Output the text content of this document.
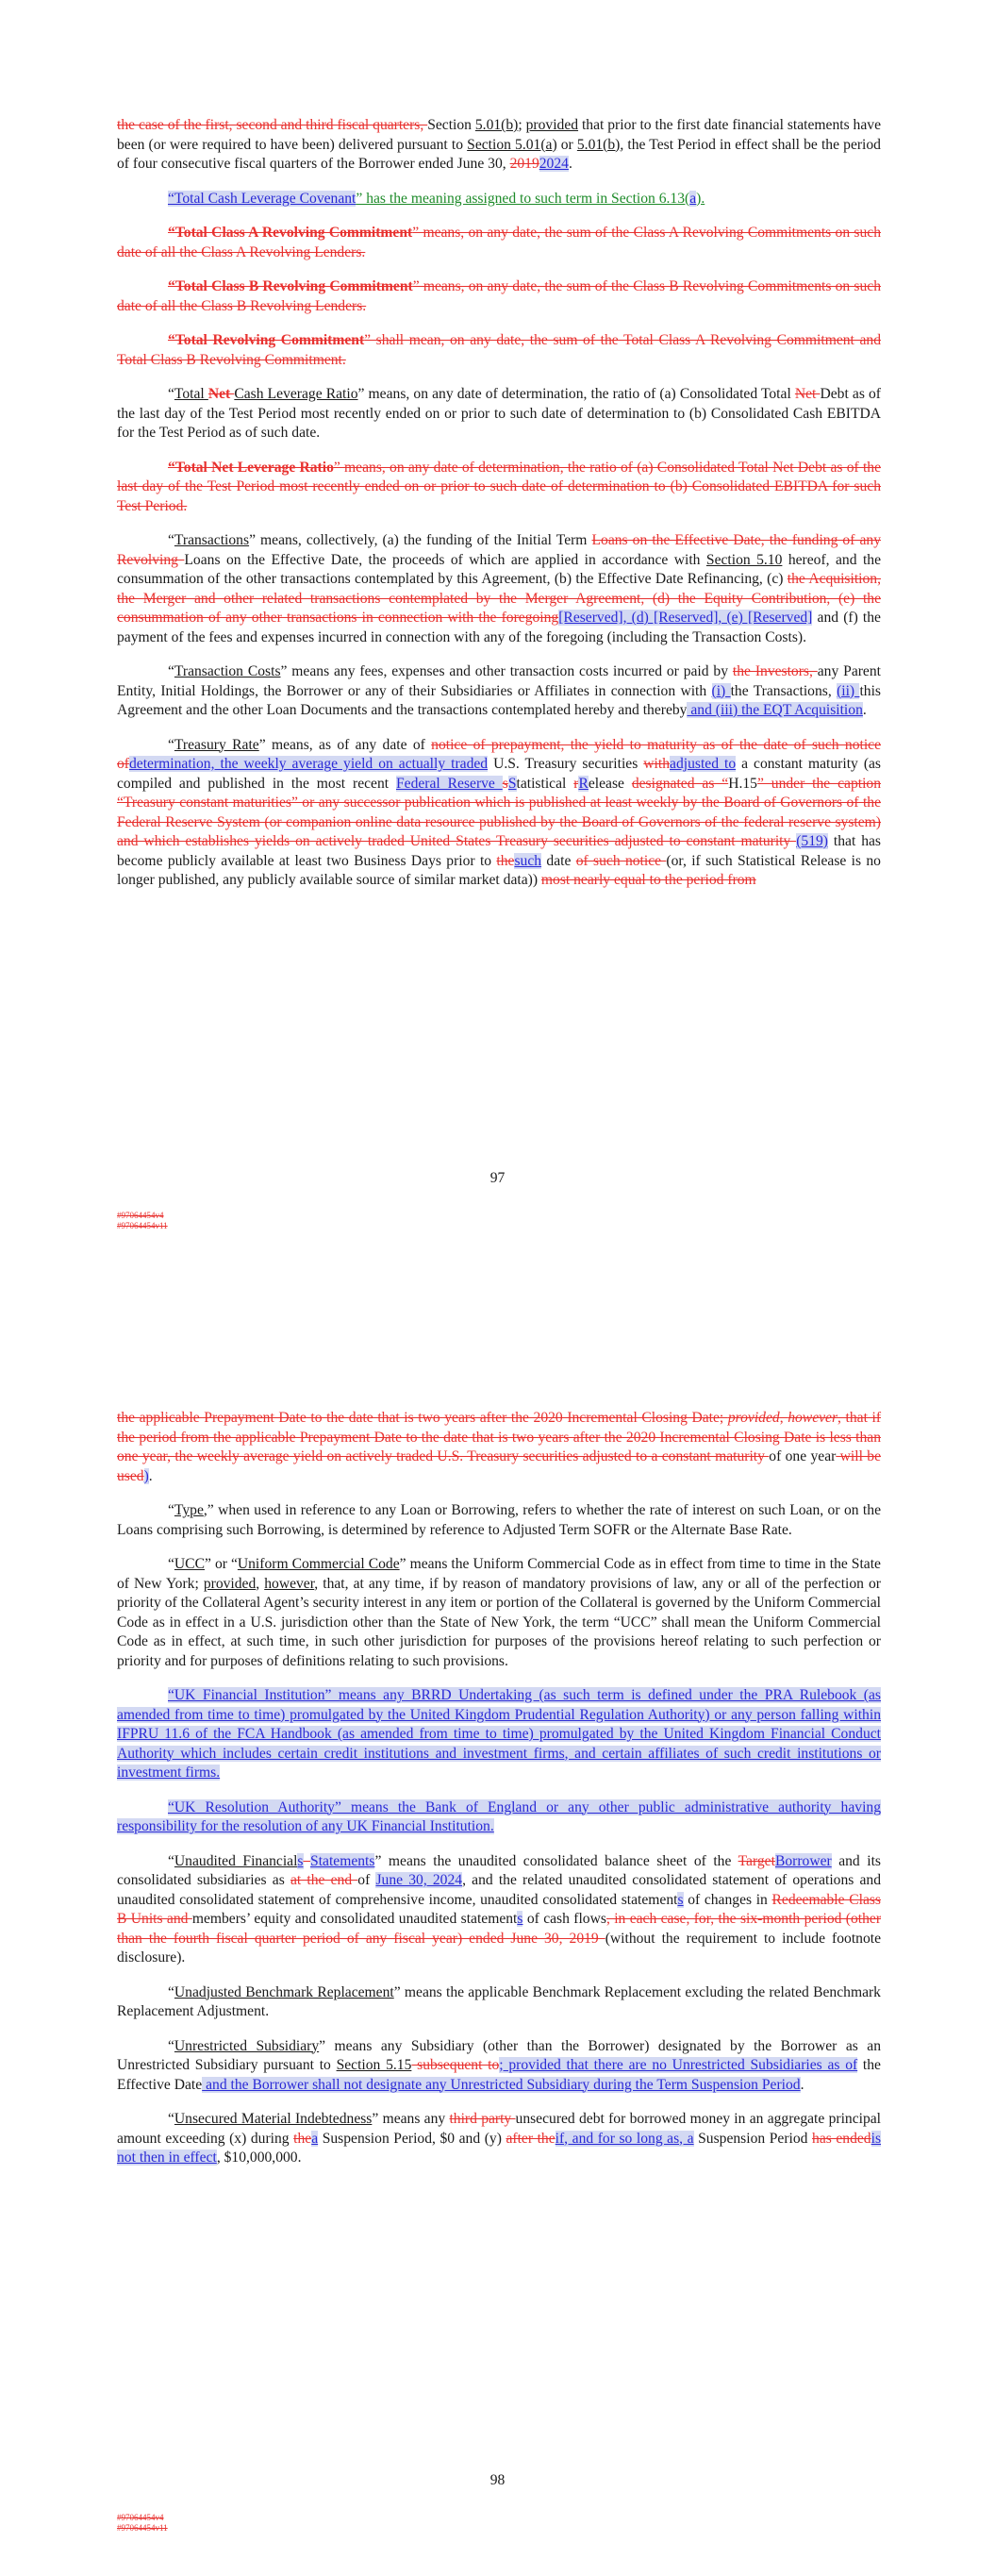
the case of the first, second and third fiscal quarters, Section 5.01(b); provided that prior to the first date financial statements have been (or were required to have been) delivered pursuant to Section 5.01(a) or 5.01(b), the Test Period in effect shall be the period of four consecutive fiscal quarters of the Borrower ended June 30, 20192024.

“Total Cash Leverage Covenant” has the meaning assigned to such term in Section 6.13(a).

“Total Class A Revolving Commitment” means, on any date, the sum of the Class A Revolving Commitments on such date of all the Class A Revolving Lenders.

“Total Class B Revolving Commitment” means, on any date, the sum of the Class B Revolving Commitments on such date of all the Class B Revolving Lenders.

“Total Revolving Commitment” shall mean, on any date, the sum of the Total Class A Revolving Commitment and Total Class B Revolving Commitment.

“Total Net Cash Leverage Ratio” means, on any date of determination, the ratio of (a) Consolidated Total Net Debt as of the last day of the Test Period most recently ended on or prior to such date of determination to (b) Consolidated Cash EBITDA for the Test Period as of such date.

“Total Net Leverage Ratio” means, on any date of determination, the ratio of (a) Consolidated Total Net Debt as of the last day of the Test Period most recently ended on or prior to such date of determination to (b) Consolidated EBITDA for such Test Period.

“Transactions” means, collectively, (a) the funding of the Initial Term Loans on the Effective Date, the funding of any Revolving Loans on the Effective Date, the proceeds of which are applied in accordance with Section 5.10 hereof, and the consummation of the other transactions contemplated by this Agreement, (b) the Effective Date Refinancing, (c) the Acquisition, the Merger and other related transactions contemplated by the Merger Agreement, (d) the Equity Contribution, (e) the consummation of any other transactions in connection with the foregoing[Reserved], (d) [Reserved], (e) [Reserved] and (f) the payment of the fees and expenses incurred in connection with any of the foregoing (including the Transaction Costs).

“Transaction Costs” means any fees, expenses and other transaction costs incurred or paid by the Investors, any Parent Entity, Initial Holdings, the Borrower or any of their Subsidiaries or Affiliates in connection with (i) the Transactions, (ii) this Agreement and the other Loan Documents and the transactions contemplated hereby and thereby and (iii) the EQT Acquisition.

“Treasury Rate” means, as of any date of notice of prepayment, the yield to maturity as of the date of such notice ofdetermination, the weekly average yield on actually traded U.S. Treasury securities withadjusted to a constant maturity (as compiled and published in the most recent Federal Reserve sStatistical rRelease designated as “H.15” under the caption “Treasury constant maturities” or any successor publication which is published at least weekly by the Board of Governors of the Federal Reserve System (or companion online data resource published by the Board of Governors of the federal reserve system) and which establishes yields on actively traded United States Treasury securities adjusted to constant maturity (519) that has become publicly available at least two Business Days prior to thesuch date of such notice (or, if such Statistical Release is no longer published, any publicly available source of similar market data)) most nearly equal to the period from

97
#97064454v4
#97064454v11

the applicable Prepayment Date to the date that is two years after the 2020 Incremental Closing Date; provided, however, that if the period from the applicable Prepayment Date to the date that is two years after the 2020 Incremental Closing Date is less than one year, the weekly average yield on actively traded U.S. Treasury securities adjusted to a constant maturity of one year will be used).

“Type,” when used in reference to any Loan or Borrowing, refers to whether the rate of interest on such Loan, or on the Loans comprising such Borrowing, is determined by reference to Adjusted Term SOFR or the Alternate Base Rate.

“UCC” or “Uniform Commercial Code” means the Uniform Commercial Code as in effect from time to time in the State of New York; provided, however, that, at any time, if by reason of mandatory provisions of law, any or all of the perfection or priority of the Collateral Agent’s security interest in any item or portion of the Collateral is governed by the Uniform Commercial Code as in effect in a U.S. jurisdiction other than the State of New York, the term “UCC” shall mean the Uniform Commercial Code as in effect, at such time, in such other jurisdiction for purposes of the provisions hereof relating to such perfection or priority and for purposes of definitions relating to such provisions.

“UK Financial Institution” means any BRRD Undertaking (as such term is defined under the PRA Rulebook (as amended from time to time) promulgated by the United Kingdom Prudential Regulation Authority) or any person falling within IFPRU 11.6 of the FCA Handbook (as amended from time to time) promulgated by the United Kingdom Financial Conduct Authority which includes certain credit institutions and investment firms, and certain affiliates of such credit institutions or investment firms.

“UK Resolution Authority” means the Bank of England or any other public administrative authority having responsibility for the resolution of any UK Financial Institution.

“Unaudited Financials Statements” means the unaudited consolidated balance sheet of the TargetBorrower and its consolidated subsidiaries as at the end of June 30, 2024, and the related unaudited consolidated statement of operations and unaudited consolidated statement of comprehensive income, unaudited consolidated statements of changes in Redeemable Class B Units and members’ equity and consolidated unaudited statements of cash flows, in each case, for, the six-month period (other than the fourth fiscal quarter period of any fiscal year) ended June 30, 2019 (without the requirement to include footnote disclosure).

“Unadjusted Benchmark Replacement” means the applicable Benchmark Replacement excluding the related Benchmark Replacement Adjustment.

“Unrestricted Subsidiary” means any Subsidiary (other than the Borrower) designated by the Borrower as an Unrestricted Subsidiary pursuant to Section 5.15 subsequent to; provided that there are no Unrestricted Subsidiaries as of the Effective Date and the Borrower shall not designate any Unrestricted Subsidiary during the Term Suspension Period.

“Unsecured Material Indebtedness” means any third party unsecured debt for borrowed money in an aggregate principal amount exceeding (x) during thea Suspension Period, $0 and (y) after theif, and for so long as, a Suspension Period has endedis not then in effect, $10,000,000.

98
#97064454v4
#97064454v11
